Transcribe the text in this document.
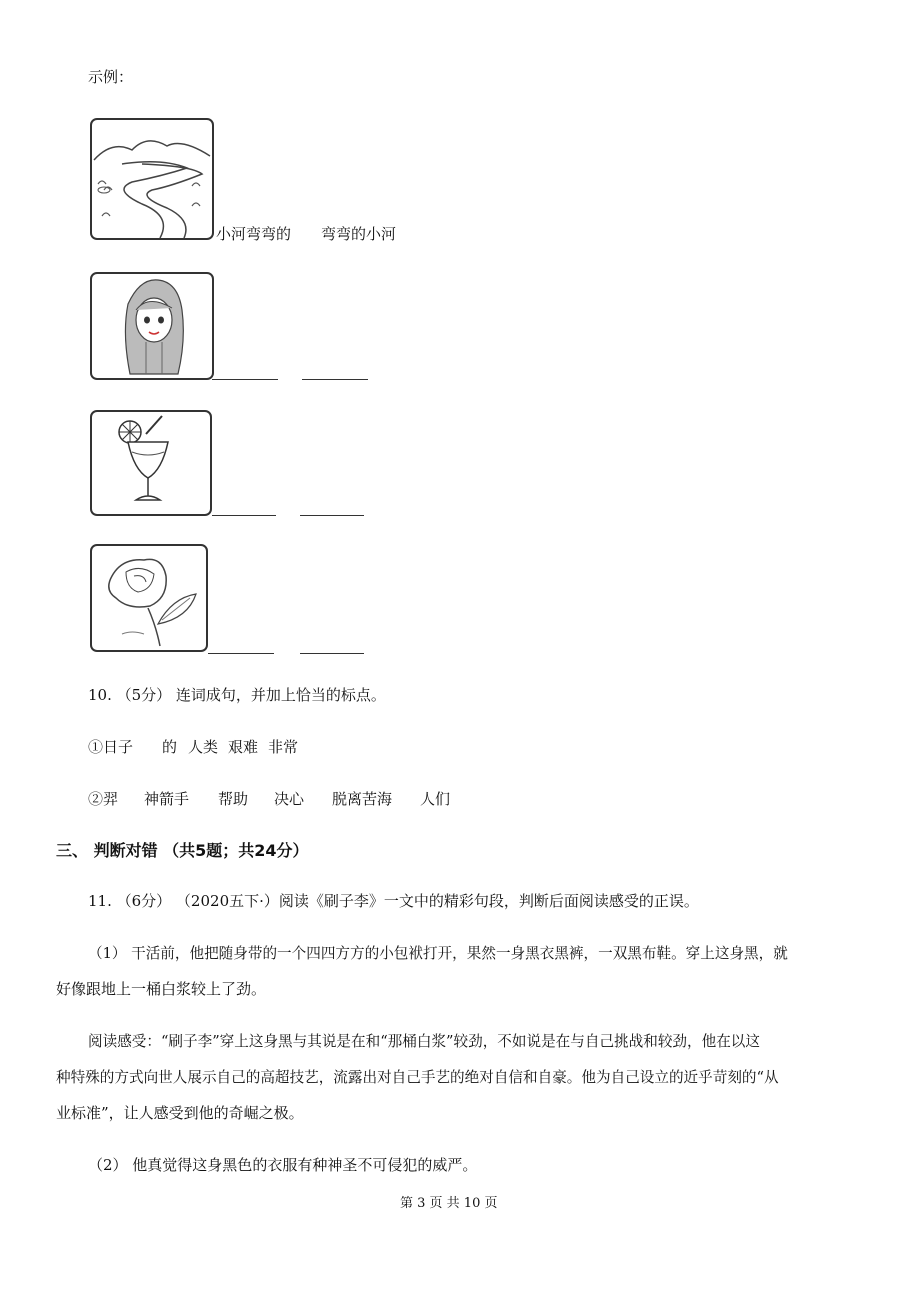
示例：
小河弯弯的 弯弯的小河
10. （5分） 连词成句，并加上恰当的标点。
①日子 的 人类 艰难 非常
②羿 神箭手 帮助 决心 脱离苦海 人们
三、 判断对错 （共5题；共24分）
11. （6分） （2020五下·）阅读《刷子李》一文中的精彩句段，判断后面阅读感受的正误。
（1） 干活前，他把随身带的一个四四方方的小包袱打开，果然一身黑衣黑裤，一双黑布鞋。穿上这身黑，就
好像跟地上一桶白浆较上了劲。
阅读感受：“刷子李”穿上这身黑与其说是在和“那桶白浆”较劲，不如说是在与自己挑战和较劲，他在以这
种特殊的方式向世人展示自己的高超技艺，流露出对自己手艺的绝对自信和自豪。他为自己设立的近乎苛刻的“从
业标准”，让人感受到他的奇崛之极。
（2） 他真觉得这身黑色的衣服有种神圣不可侵犯的威严。
第 3 页 共 10 页
